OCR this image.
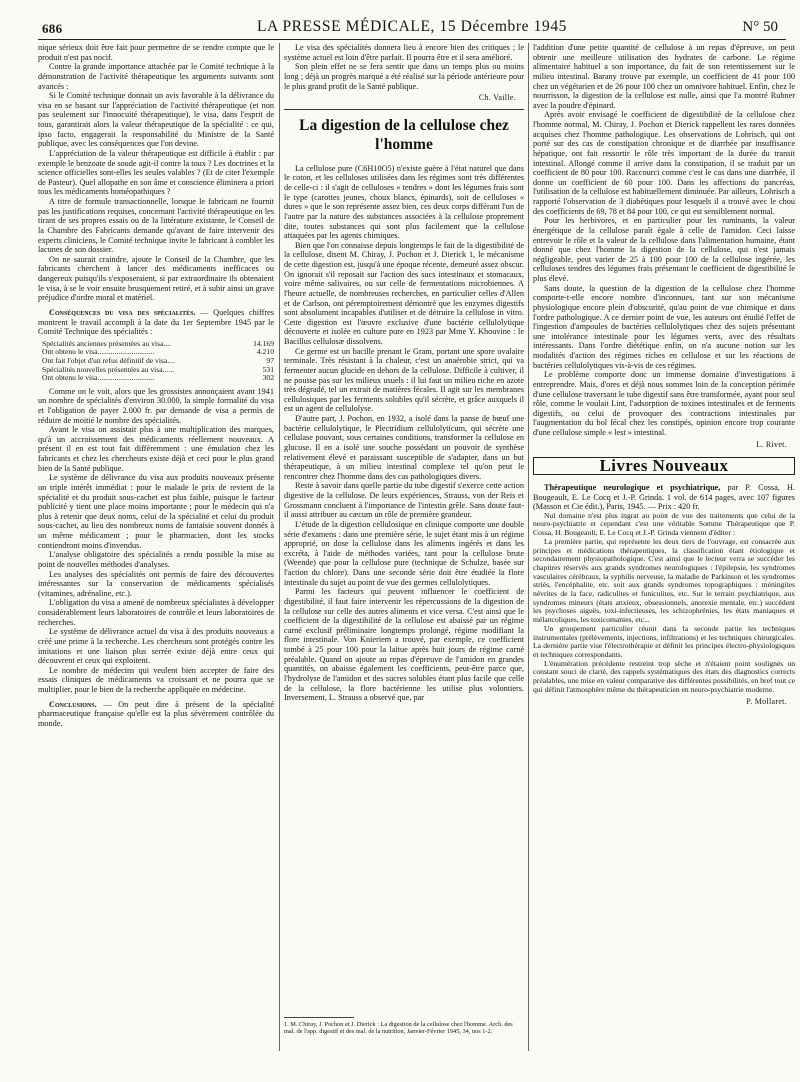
686	LA PRESSE MÉDICALE, 15 Décembre 1945	N° 50

nique sérieux doit être fait pour permettre de se rendre compte que le produit n'est pas nocif.

Contre la grande importance attachée par le Comité technique à la démonstration de l'activité thérapeutique les arguments suivants sont avancés :

Si le Comité technique donnait un avis favorable à la délivrance du visa en se basant sur l'appréciation de l'activité thérapeutique (et non pas seulement sur l'innocuité thérapeutique), le visa, dans l'esprit de tous, garantirait alors la valeur thérapeutique de la spécialité : ce qui, ipso facto, engagerait la responsabilité du Ministre de la Santé publique, avec les conséquences que l'on devine.

L'appréciation de la valeur thérapeutique est difficile à établir : par exemple le benzoate de soude agit-il contre la toux ? Les doctrines et la science officielles sont-elles les seules valables ? (Et de citer l'exemple de Pasteur). Quel allopathe en son âme et conscience éliminera a priori tous les médicaments homéopathiques ?

A titre de formule transactionnelle, lorsque le fabricant ne fournit pas les justifications requises, concernant l'activité thérapeutique en les tirant de ses propres essais ou de la littérature existante, le Conseil de la Chambre des Fabricants demande qu'avant de faire intervenir des experts cliniciens, le Comité technique invite le fabricant à combler les lacunes de son dossier.

On ne saurait craindre, ajoute le Conseil de la Chambre, que les fabricants cherchent à lancer des médicaments inefficaces ou dangereux puisqu'ils s'exposeraient, si par extraordinaire ils obtenaient le visa, à se le voir ensuite brusquement retiré, et à subir ainsi un grave préjudice d'ordre moral et matériel.

Conséquences du visa des spécialités. — Quelques chiffres montrent le travail accompli à la date du 1er Septembre 1945 par le Comité Technique des spécialités :

Spécialités anciennes présentées au visa....	14.169
Ont obtenu le visa..............................	4.210
Ont fait l'objet d'un refus définitif de visa....	97
Spécialités nouvelles présentées au visa......	531
Ont obtenu le visa..............................	302

Comme on le voit, alors que les grossistes annonçaient avant 1941 un nombre de spécialités d'environ 30.000, la simple formalité du visa et l'obligation de payer 2.000 fr. par demande de visa a permis de réduire de moitié le nombre des spécialités.

Avant le visa on assistait plus à une multiplication des marques, qu'à un accroissement des médicaments réellement nouveaux. A présent il en est tout fait différemment : une émulation chez les fabricants et chez les chercheurs existe déjà et ceci pour le plus grand bien de la Santé publique.

Le système de délivrance du visa aux produits nouveaux présente un triple intérêt immédiat : pour le malade le prix de revient de la spécialité et du produit sous-cachet est plus faible, puisque le facteur publicité y tient une place moins importante ; pour le médecin qui n'a plus à retenir que deux noms, celui de la spécialité et celui du produit sous-cachet, au lieu des nombreux noms de fantaisie souvent donnés à un même médicament ; pour le pharmacien, dont les stocks contiendront moins d'invendus.

L'analyse obligatoire des spécialités a rendu possible la mise au point de nouvelles méthodes d'analyses.

Les analyses des spécialités ont permis de faire des découvertes intéressantes sur la conservation de médicaments spécialisés (vitamines, adrénaline, etc.).

L'obligation du visa a amené de nombreux spécialistes à développer considérablement leurs laboratoires de contrôle et leurs laboratoires de recherches.

Le système de délivrance actuel du visa à des produits nouveaux a créé une prime à la recherche. Les chercheurs sont protégés contre les imitations et une liaison plus serrée existe déjà entre ceux qui découvrent et ceux qui exploitent.

Le nombre de médecins qui veulent bien accepter de faire des essais cliniques de médicaments va croissant et ne pourra que se multiplier, pour le bien de la recherche appliquée en médecine.

Conclusions. — On peut dire à présent de la spécialité pharmaceutique française qu'elle est la plus sévèrement contrôlée du monde.

Le visa des spécialités donnera lieu à encore bien des critiques ; le système actuel est loin d'être parfait. Il pourra être et il sera amélioré.

Son plein effet ne se fera sentir que dans un temps plus ou moins long ; déjà un progrès marqué a été réalisé sur la période antérieure pour le plus grand profit de la Santé publique.

Ch. Vaille.
La digestion de la cellulose chez l'homme

La cellulose pure (C6H10O5) n'existe guère à l'état naturel que dans le coton, et les celluloses utilisées dans les régimes sont très différentes de celle-ci : il s'agit de celluloses « tendres » dont les légumes frais sont le type (carottes jeunes, choux blancs, épinards), soit de celluloses « dures » que le son représente assez bien, ces deux corps différant l'un de l'autre par la nature des substances associées à la cellulose proprement dite, toutes substances qui sont plus facilement que la cellulose attaquées par les agents chimiques.

Bien que l'on connaisse depuis longtemps le fait de la digestibilité de la cellulose, disent M. Chiray, J. Pochon et J. Dierick 1, le mécanisme de cette digestion est, jusqu'à une époque récente, demeuré assez obscur. On ignorait s'il reposait sur l'action des sucs intestinaux et stomacaux, voire même salivaires, ou sur celle de fermentations microbiennes. A l'heure actuelle, de nombreuses recherches, en particulier celles d'Allen et de Carlson, ont péremptoirement démontré que les enzymes digestifs sont absolument incapables d'utiliser et de détruire la cellulose in vitro. Cette digestion est l'œuvre exclusive d'une bactérie cellulolytique découverte et isolée en culture pure en 1923 par Mme Y. Khouvine : le Bacillus cellulosæ dissolvens.

Ce germe est un bacille prenant le Gram, portant une spore ovalaire terminale. Très résistant à la chaleur, c'est un anaérobie strict, qui va fermenter aucun glucide en dehors de la cellulose. Difficile à cultiver, il ne pousse pas sur les milieux usuels : il lui faut un milieu riche en azote très dégradé, tel un extrait de matières fécales. Il agit sur les membranes cellulosiques par les ferments solubles qu'il sécrète, et grâce auxquels il est un agent de cellulolyse.

D'autre part, J. Pochon, en 1932, a isolé dans la panse de bœuf une bactérie cellulolytique, le Plectridium cellulolyticum, qui sécrète une cellulase pouvant, sous certaines conditions, transformer la cellulose en glucose. Il en a isolé une souche possédant un pouvoir de synthèse relativement élevé et paraissant susceptible de s'adapter, dans un but thérapeutique, à un milieu intestinal complexe tel qu'on peut le rencontrer chez l'homme dans des cas pathologiques divers.

Reste à savoir dans quelle partie du tube digestif s'exerce cette action digestive de la cellulose. De leurs expériences, Strauss, von der Reis et Grossmann concluent à l'importance de l'intestin grêle. Sans doute faut-il aussi attribuer au cæcum un rôle de première grandeur.

L'étude de la digestion cellulosique en clinique comporte une double série d'examens : dans une première série, le sujet étant mis à un régime approprié, on dose la cellulose dans les aliments ingérés et dans les excréta, à l'aide de méthodes variées, tant pour la cellulose brute (Weende) que pour la cellulose pure (technique de Schulze, basée sur l'action du chlore). Dans une seconde série doit être étudiée la flore intestinale du sujet au point de vue des germes cellulolytiques.

Parmi les facteurs qui peuvent influencer le coefficient de digestibilité, il faut faire intervenir les répercussions de la digestion de la cellulose sur celle des autres aliments et vice versa. C'est ainsi que le coefficient de la digestibilité de la cellulose est abaissé par un régime carné exclusif préliminaire longtemps prolongé, régime modifiant la flore intestinale. Von Knieriem a trouvé, par exemple, ce coefficient tombé à 25 pour 100 pour la laitue après huit jours de régime carné préalable. Quand on ajoute au repas d'épreuve de l'amidon en grandes quantités, on abaisse également les coefficients, peut-être parce que, l'hydrolyse de l'amidon et des sucres solubles étant plus facile que celle de la cellulose, la flore bactérienne les utilise plus volontiers. Inversement, L. Strauss a observé que, par

1. M. Chiray, J. Pochon et J. Dierick : La digestion de la cellulose chez l'homme. Arch. des mal. de l'app. digestif et des mal. de la nutrition, Janvier-Février 1945, 34, nos 1-2.

l'addition d'une petite quantité de cellulose à un repas d'épreuve, on peut obtenir une meilleure utilisation des hydrates de carbone. Le régime alimentaire habituel a son importance, du fait de son retentissement sur le milieu intestinal. Barany trouve par exemple, un coefficient de 41 pour 100 chez un végétarien et de 26 pour 100 chez un omnivore habituel. Enfin, chez le nourrisson, la digestion de la cellulose est nulle, ainsi que l'a montré Rubner avec la poudre d'épinard.

Après avoir envisagé le coefficient de digestibilité de la cellulose chez l'homme normal, M. Chiray, J. Pochon et Dierick rappellent les rares données acquises chez l'homme pathologique. Les observations de Lohrisch, qui ont porté sur des cas de constipation chronique et de diarrhée par insuffisance hépatique, ont fait ressortir le rôle très important de la durée du transit intestinal. Allongé comme il arrive dans la constipation, il se traduit par un coefficient de 80 pour 100. Raccourci comme c'est le cas dans une diarrhée, il donne un coefficient de 60 pour 100. Dans les affections du pancréas, l'utilisation de la cellulose est habituellement diminuée. Par ailleurs, Lohrisch a rapporté l'observation de 3 diabétiques pour lesquels il a trouvé avec le chou des coefficients de 69, 78 et 84 pour 100, ce qui est sensiblement normal.

Pour les herbivores, et en particulier pour les ruminants, la valeur énergétique de la cellulose paraît égale à celle de l'amidon. Ceci laisse entrevoir le rôle et la valeur de la cellulose dans l'alimentation humaine, étant donné que chez l'homme la digestion de la cellulose, qui n'est jamais négligeable, peut varier de 25 à 100 pour 100 de la cellulose ingérée, les celluloses tendres des légumes frais présentant le coefficient de digestibilité le plus élevé.

Sans doute, la question de la digestion de la cellulose chez l'homme comporte-t-elle encore nombre d'inconnues, tant sur son mécanisme physiologique encore plein d'obscurité, qu'au point de vue chimique et dans l'ordre pathologique. A ce dernier point de vue, les auteurs ont étudié l'effet de l'ingestion d'ampoules de bactéries cellulolytiques chez des sujets présentant une intolérance intestinale pour les légumes verts, avec des résultats intéressants. Dans l'ordre diététique enfin, on n'a aucune notion sur les modalités d'action des régimes riches en cellulose et sur les réactions de bactéries cellulolytiques vis-à-vis de ces régimes.

Le problème comporte donc un immense domaine d'investigations à entreprendre. Mais, d'ores et déjà nous sommes loin de la conception périmée d'une cellulose traversant le tube digestif sans être transformée, ayant pour seul rôle, comme le voulait Lint, l'adsorption de toxines intestinales et de ferments digestifs, ou celui de provoquer des contractions intestinales par l'augmentation du bol fécal chez les constipés, opinion encore trop courante d'une cellulose simple « lest » intestinal.

L. Rivet.
Livres Nouveaux

Thérapeutique neurologique et psychiatrique, par P. Cossa, H. Bougeault, E. Le Cocq et J.-P. Grinda. 1 vol. de 614 pages, avec 107 figures (Masson et Cie édit.), Paris, 1945. — Prix : 420 fr.

Nul domaine n'est plus ingrat au point de vue des traitements que celui de la neuro-psychiatrie et cependant c'est une véritable Somme Thérapeutique que P. Cossa, H. Bougeault, E. Le Cocq et J.-P. Grinda viennent d'éditer :

La première partie, qui représente les deux tiers de l'ouvrage, est consacrée aux principes et médications thérapeutiques, la classification étant étiologique et secondairement physiopathologique. C'est ainsi que le lecteur verra se succéder les chapitres réservés aux grands syndromes neurologiques : l'épilepsie, les syndromes vasculaires cérébraux, la syphilis nerveuse, la maladie de Parkinson et les syndromes striés, l'encéphalite, etc. soit aux grands syndromes topographiques : méningites névrites de la face, radiculites et funiculites, etc. Sur le terrain psychiatrique, aux syndromes mineurs (états anxieux, obsessionnels, anorexie mentale, etc.) succèdent les psychoses aiguës, toxi-infectieuses, les schizophrénies, les états maniaques et mélancoliques, les toxicomanies, etc...

Un groupement particulier réunit dans la seconde partie les techniques instrumentales (prélèvements, injections, infiltrations) et les techniques chirurgicales. La dernière partie vise l'électrothérapie et définit les principes électro-physiologiques et techniques correspondants.

L'énumération précédente restreint trop sèche et n'étaient point soulignés un constant souci de clarté, des rappels systématiques des états des diagnostics corrects préalables, une mise en valeur comparative des différentes possibilités, en bref tout ce qui définit l'atmosphère même du thérapeuticien en neuro-psychiatrie moderne.

P. Mollaret.
